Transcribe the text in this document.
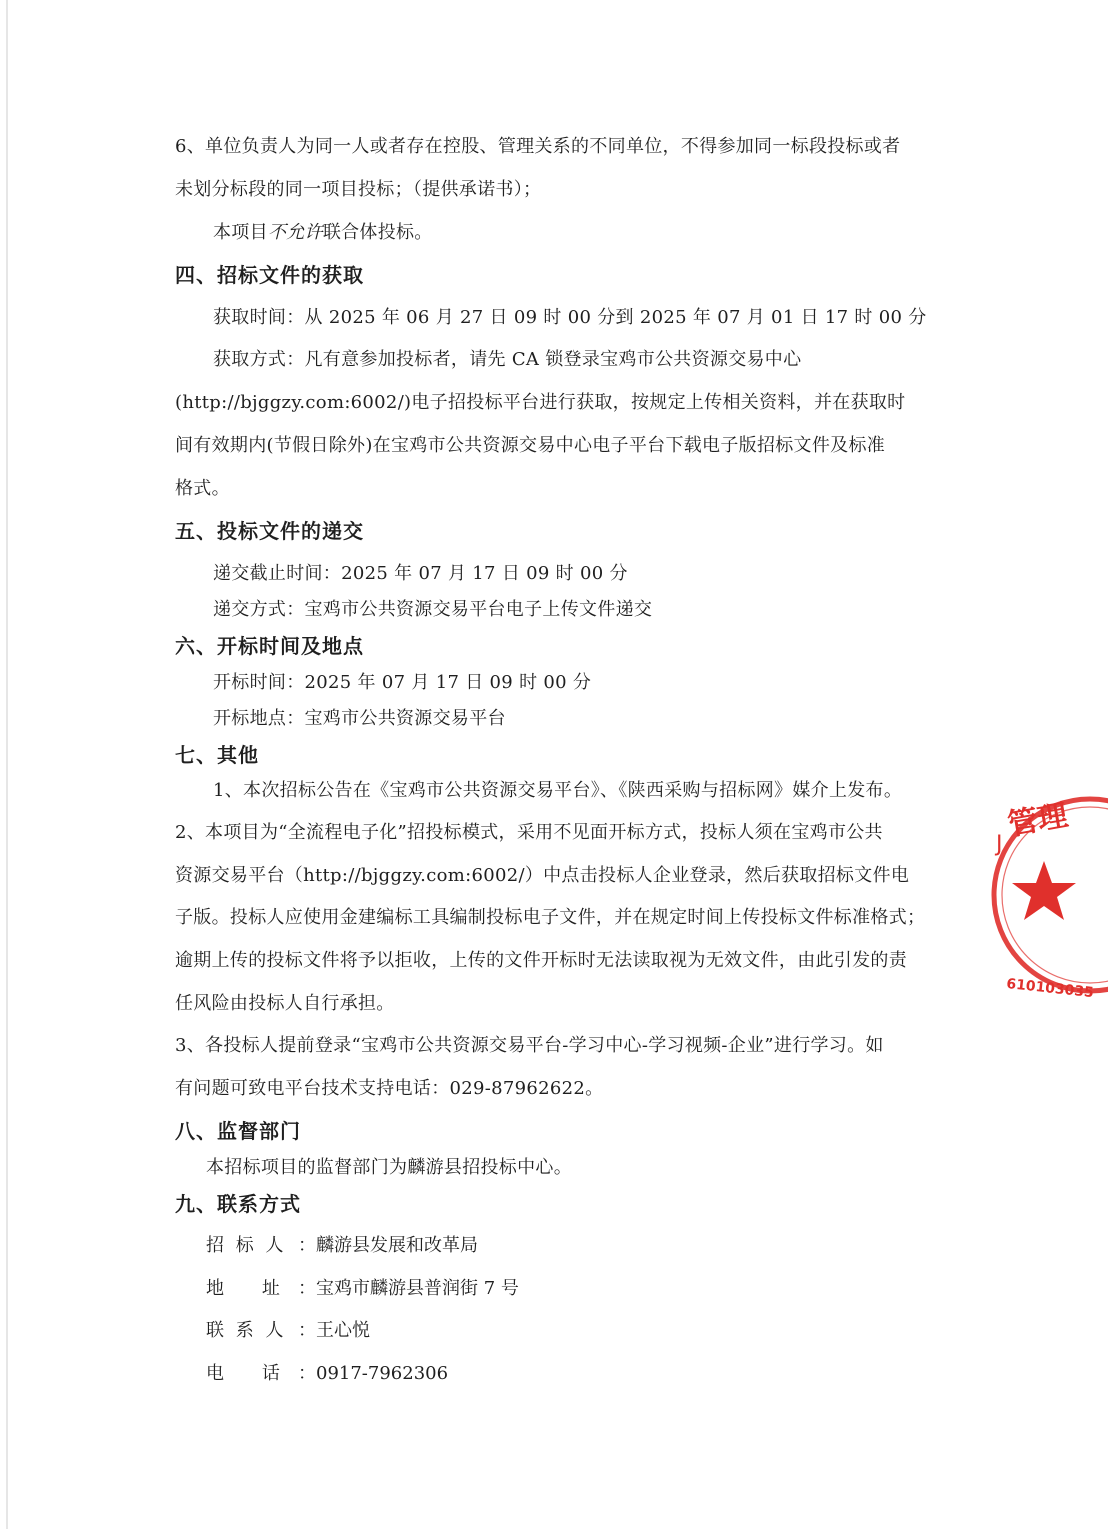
6、单位负责人为同一人或者存在控股、管理关系的不同单位，不得参加同一标段投标或者
未划分标段的同一项目投标；（提供承诺书）；
本项目不允许联合体投标。
四、招标文件的获取
获取时间：从 2025 年 06 月 27 日 09 时 00 分到 2025 年 07 月 01 日 17 时 00 分
获取方式：凡有意参加投标者，请先 CA 锁登录宝鸡市公共资源交易中心
(http://bjggzy.com:6002/)电子招投标平台进行获取，按规定上传相关资料，并在获取时
间有效期内(节假日除外)在宝鸡市公共资源交易中心电子平台下载电子版招标文件及标准
格式。
五、投标文件的递交
递交截止时间：2025 年 07 月 17 日 09 时 00 分
递交方式：宝鸡市公共资源交易平台电子上传文件递交
六、开标时间及地点
开标时间：2025 年 07 月 17 日 09 时 00 分
开标地点：宝鸡市公共资源交易平台
七、其他
1、本次招标公告在《宝鸡市公共资源交易平台》、《陕西采购与招标网》媒介上发布。
2、本项目为“全流程电子化”招投标模式，采用不见面开标方式，投标人须在宝鸡市公共
资源交易平台（http://bjggzy.com:6002/）中点击投标人企业登录，然后获取招标文件电
子版。投标人应使用金建编标工具编制投标电子文件，并在规定时间上传投标文件标准格式；
逾期上传的投标文件将予以拒收，上传的文件开标时无法读取视为无效文件，由此引发的责
任风险由投标人自行承担。
3、各投标人提前登录“宝鸡市公共资源交易平台-学习中心-学习视频-企业”进行学习。如
有问题可致电平台技术支持电话：029-87962622。
八、监督部门
本招标项目的监督部门为麟游县招投标中心。
九、联系方式
招 标 人 ：麟游县发展和改革局
地    址 ：宝鸡市麟游县普润街 7 号
联 系 人 ：王心悦
电    话 ：0917-7962306
管理
J
610103035
